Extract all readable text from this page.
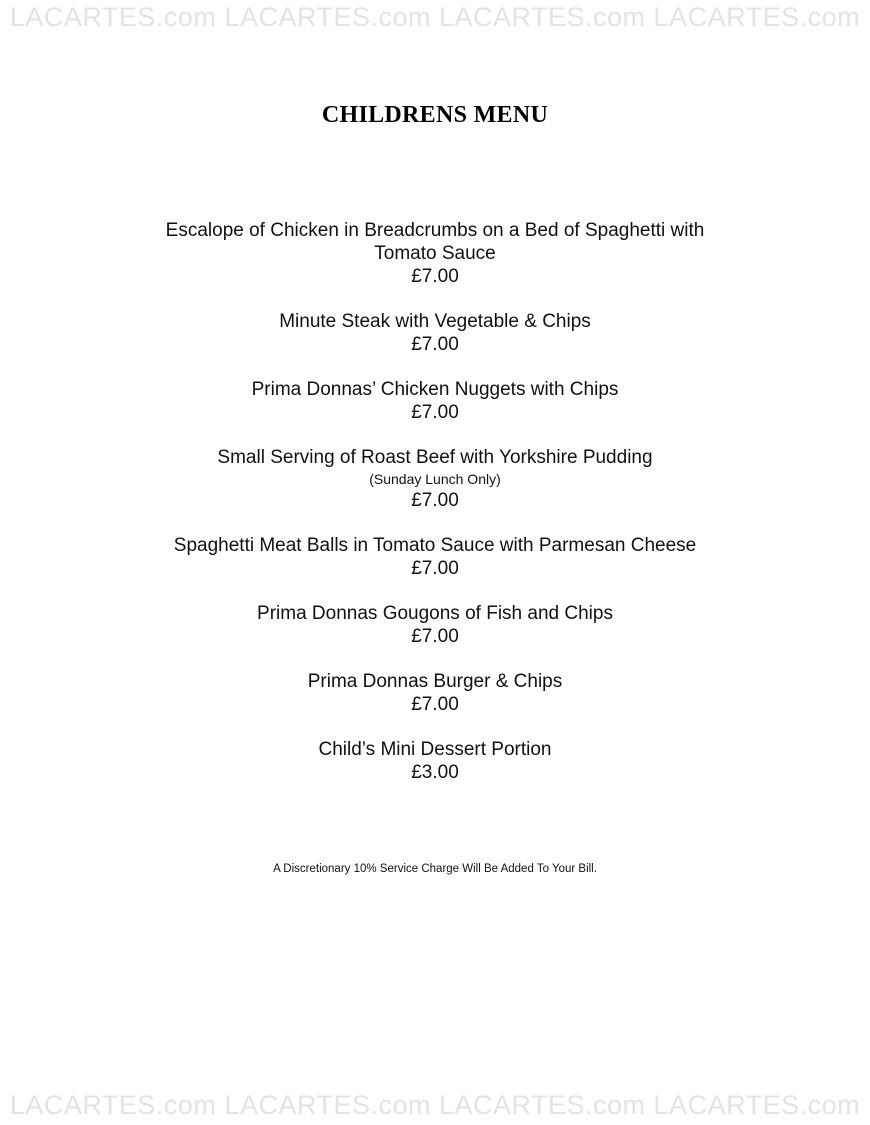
LACARTES.com LACARTES.com LACARTES.com LACARTES.com
CHILDRENS MENU
Escalope of Chicken in Breadcrumbs on a Bed of Spaghetti with Tomato Sauce
£7.00
Minute Steak with Vegetable & Chips
£7.00
Prima Donnas’ Chicken Nuggets with Chips
£7.00
Small Serving of Roast Beef with Yorkshire Pudding
(Sunday Lunch Only)
£7.00
Spaghetti Meat Balls in Tomato Sauce with Parmesan Cheese
£7.00
Prima Donnas Gougons of Fish and Chips
£7.00
Prima Donnas Burger & Chips
£7.00
Child’s Mini Dessert Portion
£3.00
A Discretionary 10% Service Charge Will Be Added To Your Bill.
LACARTES.com LACARTES.com LACARTES.com LACARTES.com
